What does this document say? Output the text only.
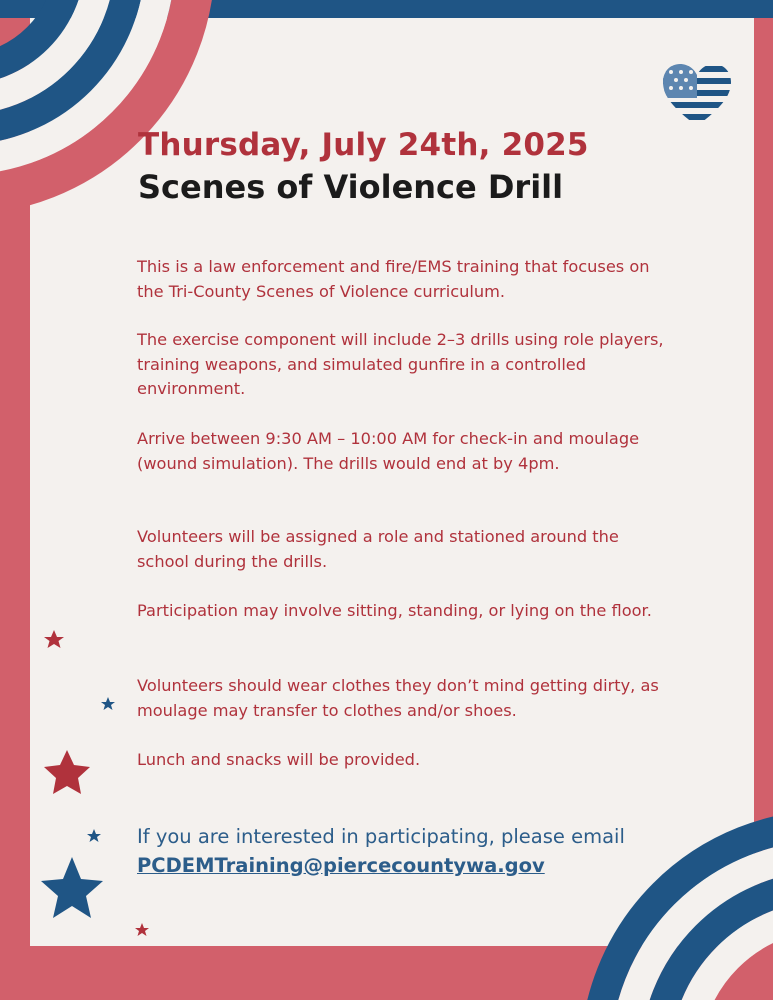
Thursday, July 24th, 2025
Scenes of Violence Drill

This is a law enforcement and fire/EMS training that focuses on the Tri-County Scenes of Violence curriculum.

The exercise component will include 2–3 drills using role players, training weapons, and simulated gunfire in a controlled environment.

Arrive between 9:30 AM – 10:00 AM for check-in and moulage (wound simulation). The drills would end at by 4pm.

Volunteers will be assigned a role and stationed around the school during the drills.

Participation may involve sitting, standing, or lying on the floor.

Volunteers should wear clothes they don’t mind getting dirty, as moulage may transfer to clothes and/or shoes.

Lunch and snacks will be provided.

If you are interested in participating, please email PCDEMTraining@piercecountywa.gov
